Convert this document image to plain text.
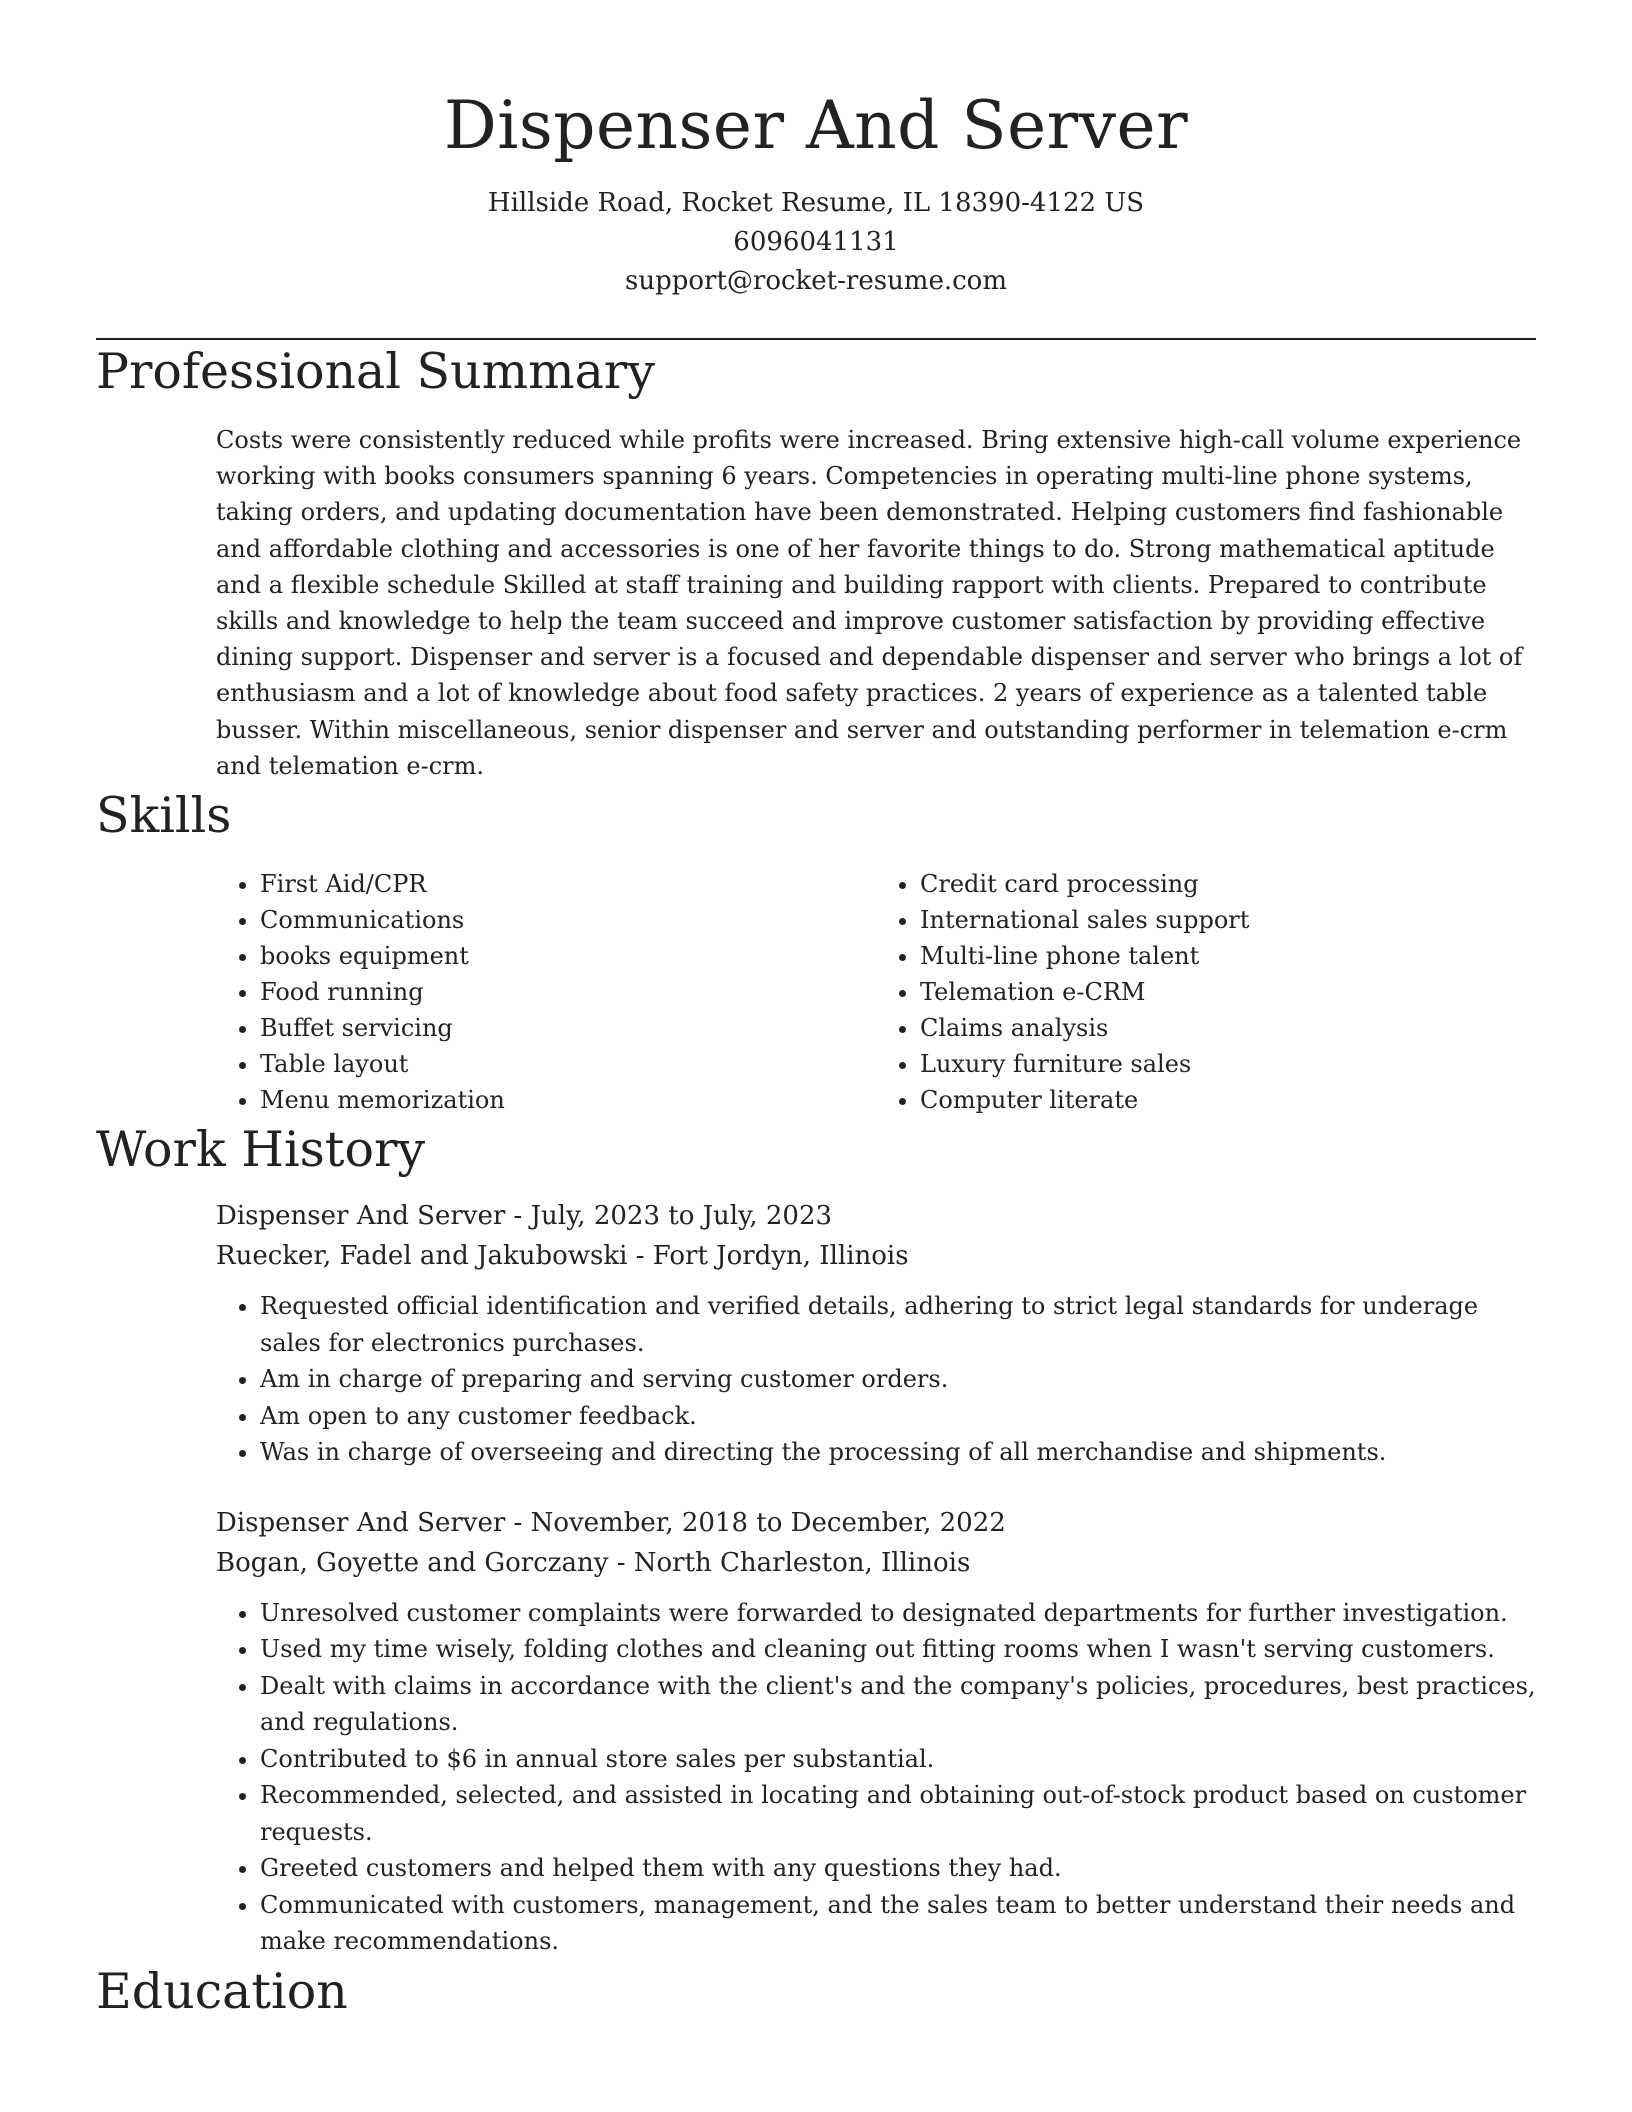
Dispenser And Server

Hillside Road, Rocket Resume, IL 18390-4122 US

6096041131

support@rocket-resume.com

Professional Summary

Costs were consistently reduced while profits were increased. Bring extensive high-call volume experience working with books consumers spanning 6 years. Competencies in operating multi-line phone systems, taking orders, and updating documentation have been demonstrated. Helping customers find fashionable and affordable clothing and accessories is one of her favorite things to do. Strong mathematical aptitude and a flexible schedule Skilled at staff training and building rapport with clients. Prepared to contribute skills and knowledge to help the team succeed and improve customer satisfaction by providing effective dining support. Dispenser and server is a focused and dependable dispenser and server who brings a lot of enthusiasm and a lot of knowledge about food safety practices. 2 years of experience as a talented table busser. Within miscellaneous, senior dispenser and server and outstanding performer in telemation e-crm and telemation e-crm.

Skills
• First Aid/CPR
• Communications
• books equipment
• Food running
• Buffet servicing
• Table layout
• Menu memorization
• Credit card processing
• International sales support
• Multi-line phone talent
• Telemation e-CRM
• Claims analysis
• Luxury furniture sales
• Computer literate
Work History
Dispenser And Server - July, 2023 to July, 2023
Ruecker, Fadel and Jakubowski - Fort Jordyn, Illinois
• Requested official identification and verified details, adhering to strict legal standards for underage sales for electronics purchases.
• Am in charge of preparing and serving customer orders.
• Am open to any customer feedback.
• Was in charge of overseeing and directing the processing of all merchandise and shipments.
Dispenser And Server - November, 2018 to December, 2022
Bogan, Goyette and Gorczany - North Charleston, Illinois
• Unresolved customer complaints were forwarded to designated departments for further investigation.
• Used my time wisely, folding clothes and cleaning out fitting rooms when I wasn't serving customers.
• Dealt with claims in accordance with the client's and the company's policies, procedures, best practices, and regulations.
• Contributed to $6 in annual store sales per substantial.
• Recommended, selected, and assisted in locating and obtaining out-of-stock product based on customer requests.
• Greeted customers and helped them with any questions they had.
• Communicated with customers, management, and the sales team to better understand their needs and make recommendations.
Education
